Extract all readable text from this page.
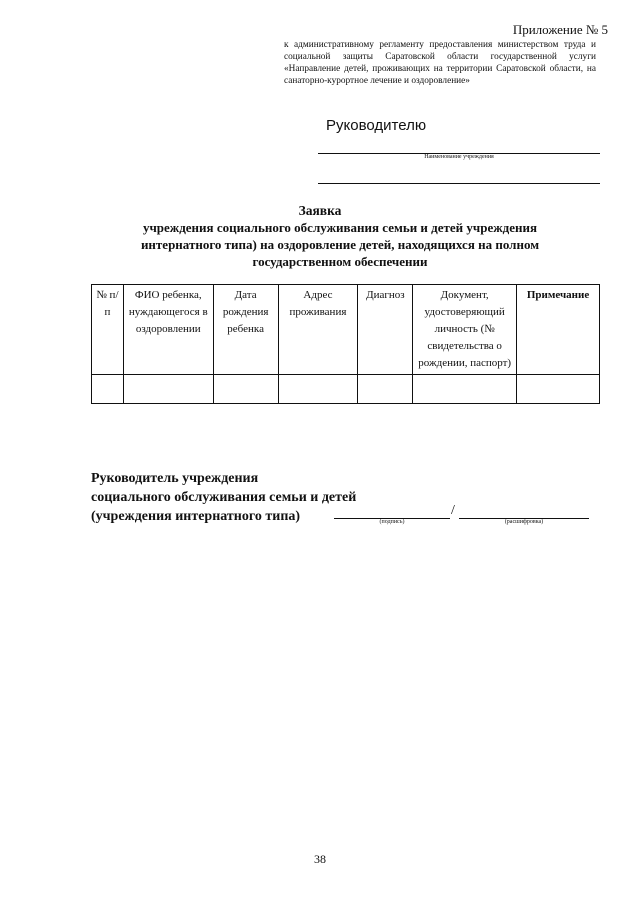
Приложение № 5
к административному регламенту предоставления министерством труда и социальной защиты Саратовской области государственной услуги «Направление детей, проживающих на территории Саратовской области, на санаторно-курортное лечение и оздоровление»
Руководителю
Наименование учреждения
Заявка
учреждения социального обслуживания семьи и детей учреждения
интернатного типа) на оздоровление детей, находящихся на полном
государственном обеспечении
№ п/п	ФИО ребенка, нуждающегося в оздоровлении	Дата рождения ребенка	Адрес проживания	Диагноз	Документ, удостоверяющий личность (№ свидетельства о рождении, паспорт)	Примечание

Руководитель учреждения
социального обслуживания семьи и детей
(учреждения интернатного типа)	/
(подпись)	(расшифровка)
38
